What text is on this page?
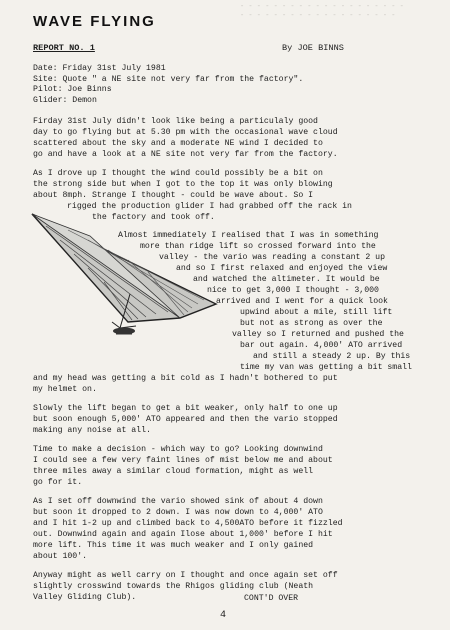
- - - - - - - - - - - - - - - - - - - -
- - - - - - - - - - - - - - - - - - -
WAVE FLYING
REPORT NO. 1	By JOE BINNS
Date: Friday 31st July 1981
Site: Quote " a NE site not very far from the factory".
Pilot: Joe Binns
Glider: Demon
Firday 31st July didn't look like being a particulaly good
day to go flying but at 5.30 pm with the occasional wave cloud
scattered about the sky and a moderate NE wind I decided to
go and have a look at a NE site not very far from the factory.
As I drove up I thought the wind could possibly be a bit on
the strong side but when I got to the top it was only blowing
about 8mph. Strange I thought - could be wave about. So I
rigged the production glider I had grabbed off the rack in
the factory and took off.
Almost immediately I realised that I was in something
more than ridge lift so crossed forward into the
valley - the vario was reading a constant 2 up
and so I first relaxed and enjoyed the view
and watched the altimeter. It would be
nice to get 3,000 I thought - 3,000
arrived and I went for a quick look
upwind about a mile, still lift
but not as strong as over the
valley so I returned and pushed the
bar out again. 4,000' ATO arrived
and still a steady 2 up. By this
time my van was getting a bit small
and my head was getting a bit cold as I hadn't bothered to put
my helmet on.
Slowly the lift began to get a bit weaker, only half to one up
but soon enough 5,000' ATO appeared and then the vario stopped
making any noise at all.
Time to make a decision - which way to go? Looking downwind
I could see a few very faint lines of mist below me and about
three miles away a similar cloud formation, might as well
go for it.
As I set off downwind the vario showed sink of about 4 down
but soon it dropped to 2 down. I was now down to 4,000' ATO
and I hit 1-2 up and climbed back to 4,500ATO before it fizzled
out. Downwind again and again Ilose about 1,000' before I hit
more lift. This time it was much weaker and I only gained
about 100'.
Anyway might as well carry on I thought and once again set off
slightly crosswind towards the Rhigos gliding club (Neath
Valley Gliding Club).	CONT'D OVER
4
